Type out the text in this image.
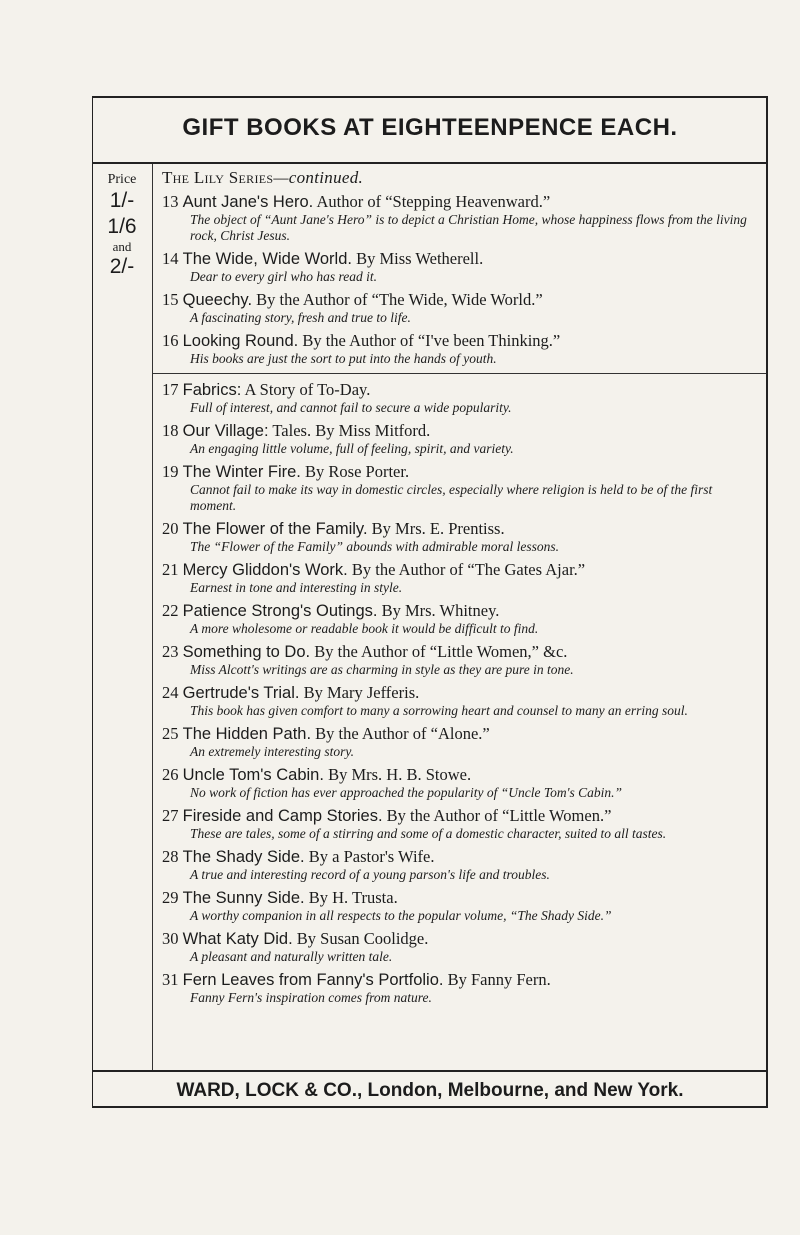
GIFT BOOKS AT EIGHTEENPENCE EACH.
Price
1/-
1/6
and
2/-
The Lily Series—continued.
13 Aunt Jane's Hero. Author of “Stepping Heavenward.”
The object of “Aunt Jane's Hero” is to depict a Christian Home, whose happiness flows from the living rock, Christ Jesus.
14 The Wide, Wide World. By Miss Wetherell.
Dear to every girl who has read it.
15 Queechy. By the Author of “The Wide, Wide World.”
A fascinating story, fresh and true to life.
16 Looking Round. By the Author of “I've been Thinking.”
His books are just the sort to put into the hands of youth.
17 Fabrics: A Story of To-Day.
Full of interest, and cannot fail to secure a wide popularity.
18 Our Village: Tales. By Miss Mitford.
An engaging little volume, full of feeling, spirit, and variety.
19 The Winter Fire. By Rose Porter.
Cannot fail to make its way in domestic circles, especially where religion is held to be of the first moment.
20 The Flower of the Family. By Mrs. E. Prentiss.
The “Flower of the Family” abounds with admirable moral lessons.
21 Mercy Gliddon's Work. By the Author of “The Gates Ajar.”
Earnest in tone and interesting in style.
22 Patience Strong's Outings. By Mrs. Whitney.
A more wholesome or readable book it would be difficult to find.
23 Something to Do. By the Author of “Little Women,” &c.
Miss Alcott's writings are as charming in style as they are pure in tone.
24 Gertrude's Trial. By Mary Jefferis.
This book has given comfort to many a sorrowing heart and counsel to many an erring soul.
25 The Hidden Path. By the Author of “Alone.”
An extremely interesting story.
26 Uncle Tom's Cabin. By Mrs. H. B. Stowe.
No work of fiction has ever approached the popularity of “Uncle Tom's Cabin.”
27 Fireside and Camp Stories. By the Author of “Little Women.”
These are tales, some of a stirring and some of a domestic character, suited to all tastes.
28 The Shady Side. By a Pastor's Wife.
A true and interesting record of a young parson's life and troubles.
29 The Sunny Side. By H. Trusta.
A worthy companion in all respects to the popular volume, “The Shady Side.”
30 What Katy Did. By Susan Coolidge.
A pleasant and naturally written tale.
31 Fern Leaves from Fanny's Portfolio. By Fanny Fern.
Fanny Fern's inspiration comes from nature.
WARD, LOCK & CO., London, Melbourne, and New York.
